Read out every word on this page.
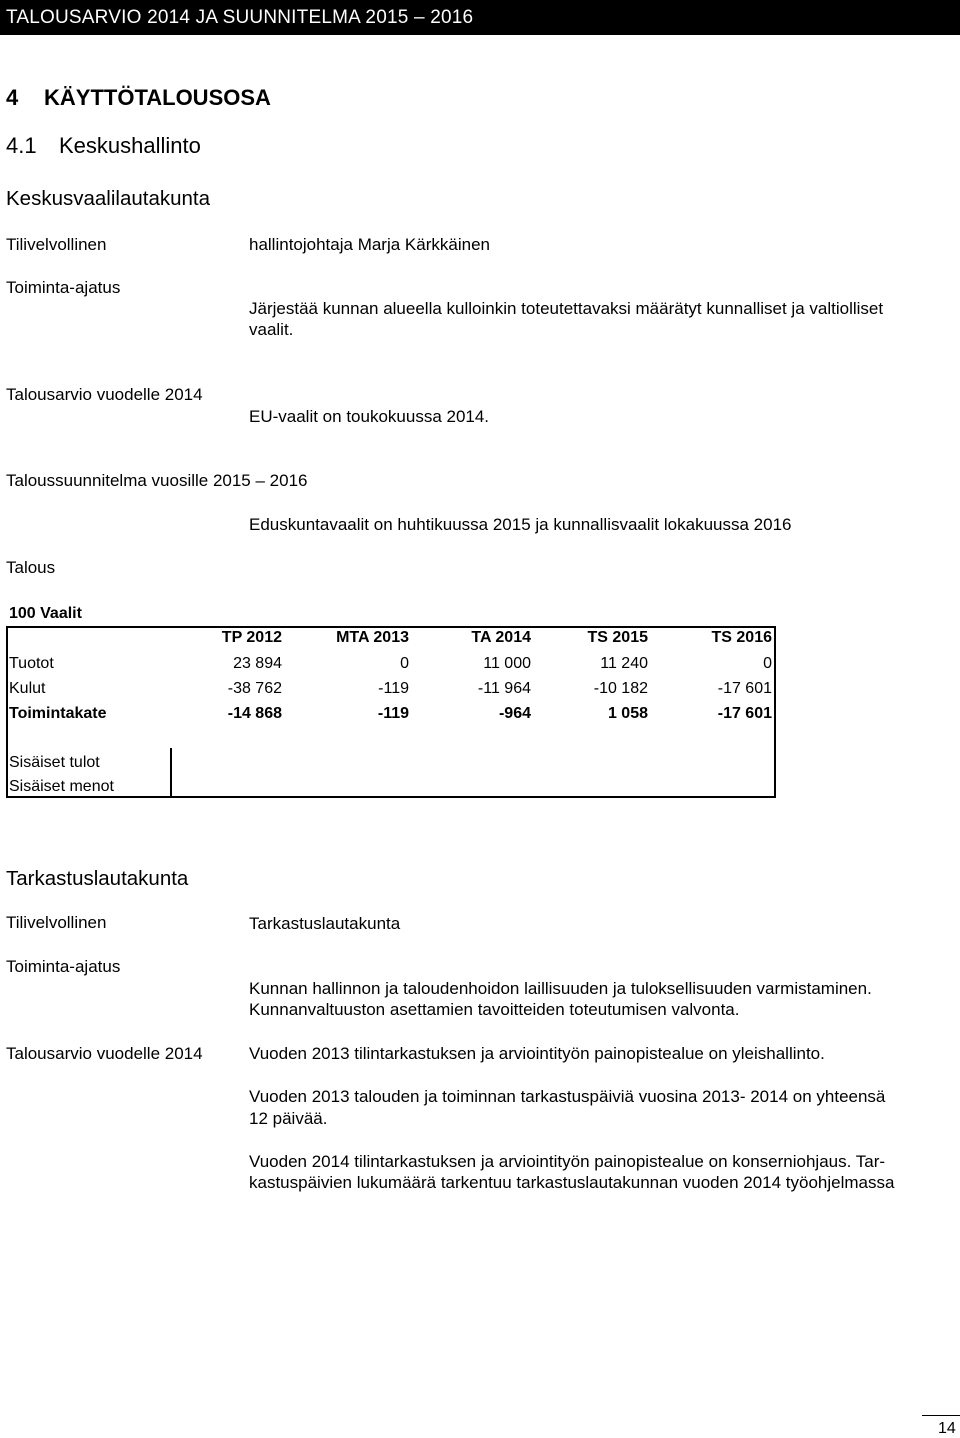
TALOUSARVIO 2014 JA SUUNNITELMA 2015 – 2016
4 KÄYTTÖTALOUSOSA
4.1 Keskushallinto
Keskusvaalilautakunta
Tilivelvollinen	hallintojohtaja Marja Kärkkäinen
Toiminta-ajatus
Järjestää kunnan alueella kulloinkin toteutettavaksi määrätyt kunnalliset ja valtiolliset
vaalit.
Talousarvio vuodelle 2014
EU-vaalit on toukokuussa 2014.
Taloussuunnitelma vuosille 2015 – 2016
Eduskuntavaalit on huhtikuussa 2015 ja kunnallisvaalit lokakuussa 2016
Talous
100 Vaalit
TP 2012	MTA 2013	TA 2014	TS 2015	TS 2016
Tuotot	23 894	0	11 000	11 240	0
Kulut	-38 762	-119	-11 964	-10 182	-17 601
Toimintakate	-14 868	-119	-964	1 058	-17 601
Sisäiset tulot
Sisäiset menot
Tarkastuslautakunta
Tilivelvollinen	Tarkastuslautakunta
Toiminta-ajatus
Kunnan hallinnon ja taloudenhoidon laillisuuden ja tuloksellisuuden varmistaminen.
Kunnanvaltuuston asettamien tavoitteiden toteutumisen valvonta.
Talousarvio vuodelle 2014	Vuoden 2013 tilintarkastuksen ja arviointityön painopistealue on yleishallinto.
Vuoden 2013 talouden ja toiminnan tarkastuspäiviä vuosina 2013- 2014 on yhteensä
12 päivää.
Vuoden 2014 tilintarkastuksen ja arviointityön painopistealue on konserniohjaus. Tar-
kastuspäivien lukumäärä tarkentuu tarkastuslautakunnan vuoden 2014 työohjelmassa
14
